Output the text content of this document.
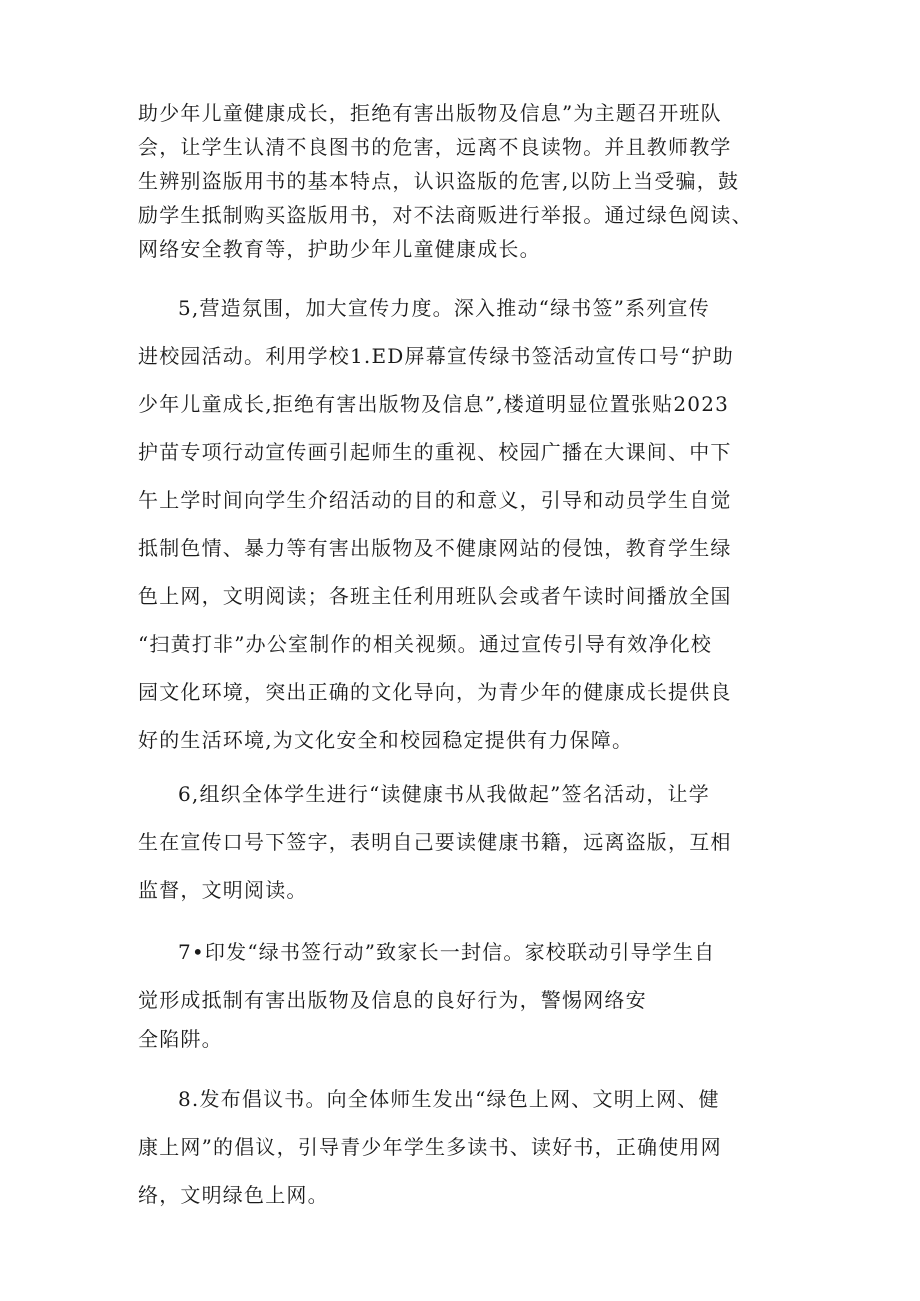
助少年儿童健康成长，拒绝有害出版物及信息”为主题召开班队
会，让学生认清不良图书的危害，远离不良读物。并且教师教学
生辨别盗版用书的基本特点，认识盗版的危害,以防上当受骗，鼓
励学生抵制购买盗版用书，对不法商贩进行举报。通过绿色阅读、
网络安全教育等，护助少年儿童健康成长。
5,营造氛围，加大宣传力度。深入推动“绿书签”系列宣传
进校园活动。利用学校1.ED屏幕宣传绿书签活动宣传口号“护助
少年儿童成长,拒绝有害出版物及信息”,楼道明显位置张贴2023
护苗专项行动宣传画引起师生的重视、校园广播在大课间、中下
午上学时间向学生介绍活动的目的和意义，引导和动员学生自觉
抵制色情、暴力等有害出版物及不健康网站的侵蚀，教育学生绿
色上网，文明阅读；各班主任利用班队会或者午读时间播放全国
“扫黄打非”办公室制作的相关视频。通过宣传引导有效净化校
园文化环境，突出正确的文化导向，为青少年的健康成长提供良
好的生活环境,为文化安全和校园稳定提供有力保障。
6,组织全体学生进行“读健康书从我做起”签名活动，让学
生在宣传口号下签字，表明自己要读健康书籍，远离盗版，互相
监督，文明阅读。
7•印发“绿书签行动”致家长一封信。家校联动引导学生自
觉形成抵制有害出版物及信息的良好行为，警惕网络安
全陷阱。
8.发布倡议书。向全体师生发出“绿色上网、文明上网、健
康上网”的倡议，引导青少年学生多读书、读好书，正确使用网
络，文明绿色上网。
